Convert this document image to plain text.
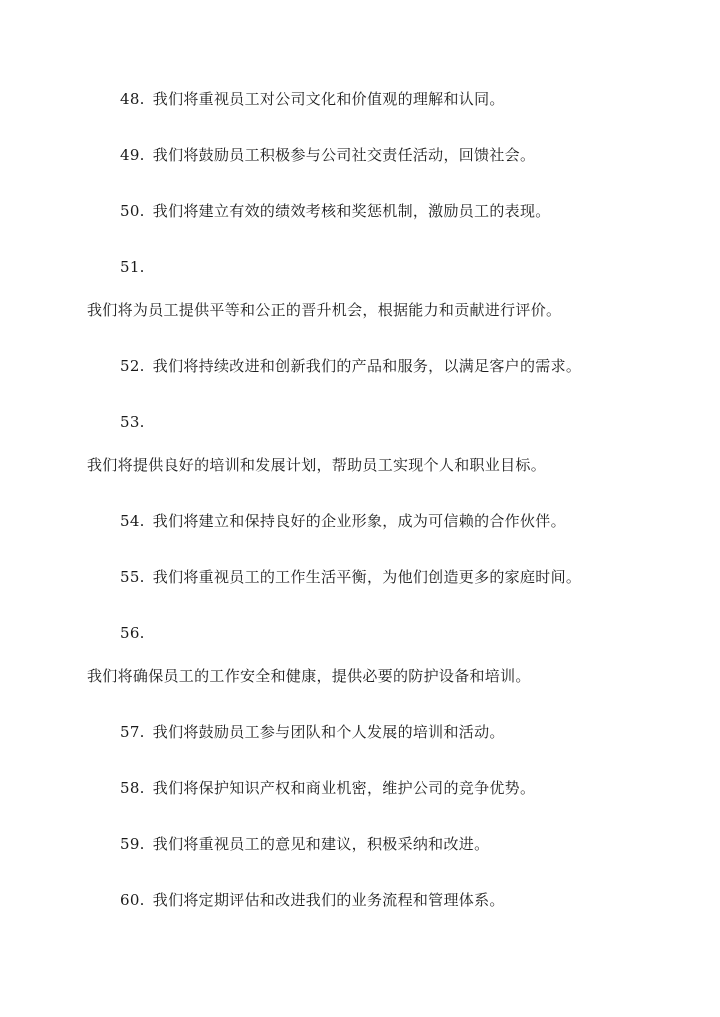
48. 我们将重视员工对公司文化和价值观的理解和认同。
49. 我们将鼓励员工积极参与公司社交责任活动，回馈社会。
50. 我们将建立有效的绩效考核和奖惩机制，激励员工的表现。
51.
我们将为员工提供平等和公正的晋升机会，根据能力和贡献进行评价。
52. 我们将持续改进和创新我们的产品和服务，以满足客户的需求。
53.
我们将提供良好的培训和发展计划，帮助员工实现个人和职业目标。
54. 我们将建立和保持良好的企业形象，成为可信赖的合作伙伴。
55. 我们将重视员工的工作生活平衡，为他们创造更多的家庭时间。
56.
我们将确保员工的工作安全和健康，提供必要的防护设备和培训。
57. 我们将鼓励员工参与团队和个人发展的培训和活动。
58. 我们将保护知识产权和商业机密，维护公司的竞争优势。
59. 我们将重视员工的意见和建议，积极采纳和改进。
60. 我们将定期评估和改进我们的业务流程和管理体系。
